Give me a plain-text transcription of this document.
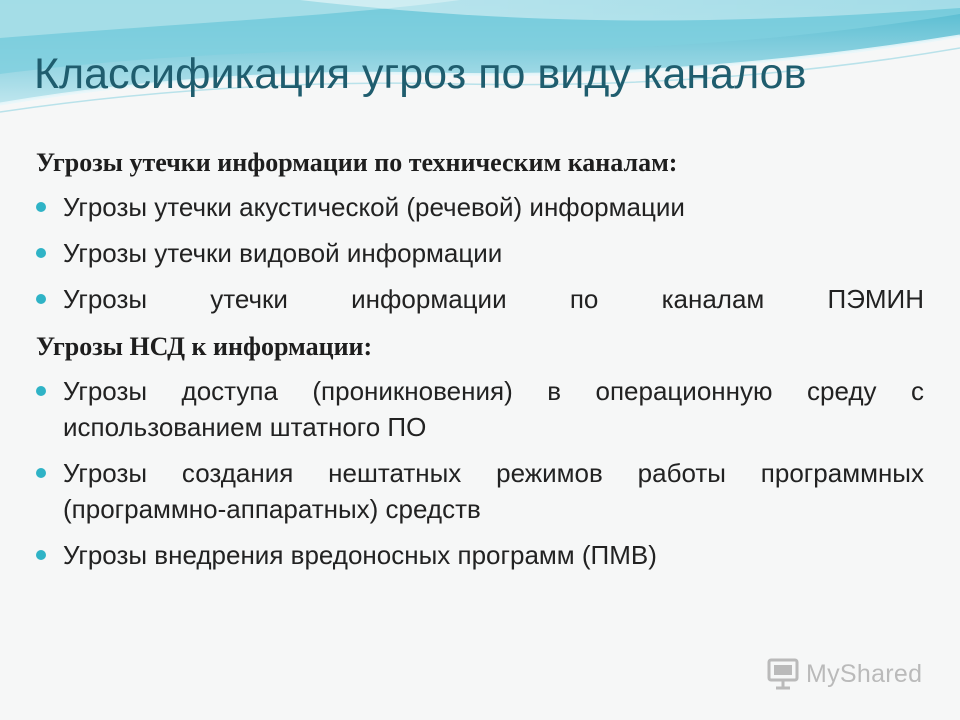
Классификация угроз по виду каналов
Угрозы утечки информации по техническим каналам:
Угрозы утечки акустической (речевой) информации
Угрозы утечки видовой информации
Угрозы утечки информации по каналам ПЭМИН
Угрозы НСД к информации:
Угрозы доступа (проникновения) в операционную среду с использованием штатного ПО
Угрозы создания нештатных режимов работы программных (программно-аппаратных) средств
Угрозы внедрения вредоносных программ (ПМВ)
MyShared
